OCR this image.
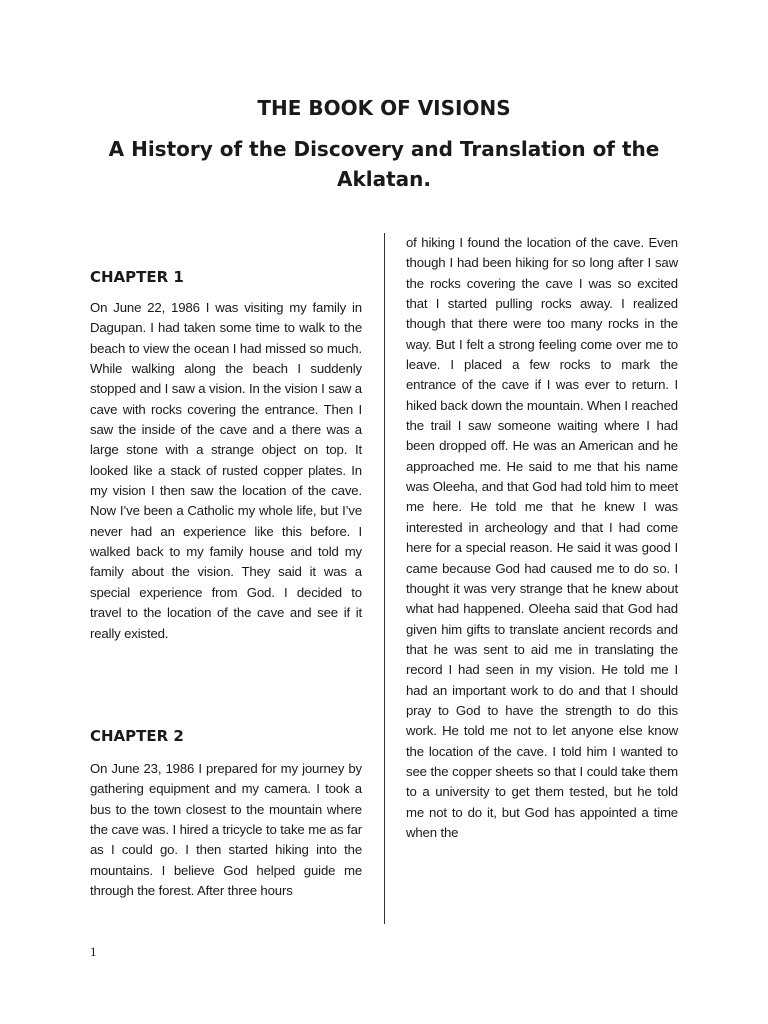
THE BOOK OF VISIONS
A History of the Discovery and Translation of the Aklatan.
CHAPTER 1

On June 22, 1986 I was visiting my family in Dagupan. I had taken some time to walk to the beach to view the ocean I had missed so much. While walking along the beach I suddenly stopped and I saw a vision. In the vision I saw a cave with rocks covering the entrance. Then I saw the inside of the cave and a there was a large stone with a strange object on top. It looked like a stack of rusted copper plates. In my vision I then saw the location of the cave. Now I’ve been a Catholic my whole life, but I’ve never had an experience like this before. I walked back to my family house and told my family about the vision. They said it was a special experience from God. I decided to travel to the location of the cave and see if it really existed.

CHAPTER 2

On June 23, 1986 I prepared for my journey by gathering equipment and my camera. I took a bus to the town closest to the mountain where the cave was. I hired a tricycle to take me as far as I could go. I then started hiking into the mountains. I believe God helped guide me through the forest. After three hours

of hiking I found the location of the cave. Even though I had been hiking for so long after I saw the rocks covering the cave I was so excited that I started pulling rocks away. I realized though that there were too many rocks in the way. But I felt a strong feeling come over me to leave. I placed a few rocks to mark the entrance of the cave if I was ever to return. I hiked back down the mountain. When I reached the trail I saw someone waiting where I had been dropped off. He was an American and he approached me. He said to me that his name was Oleeha, and that God had told him to meet me here. He told me that he knew I was interested in archeology and that I had come here for a special reason. He said it was good I came because God had caused me to do so. I thought it was very strange that he knew about what had happened. Oleeha said that God had given him gifts to translate ancient records and that he was sent to aid me in translating the record I had seen in my vision. He told me I had an important work to do and that I should pray to God to have the strength to do this work. He told me not to let anyone else know the location of the cave. I told him I wanted to see the copper sheets so that I could take them to a university to get them tested, but he told me not to do it, but God has appointed a time when the

1
